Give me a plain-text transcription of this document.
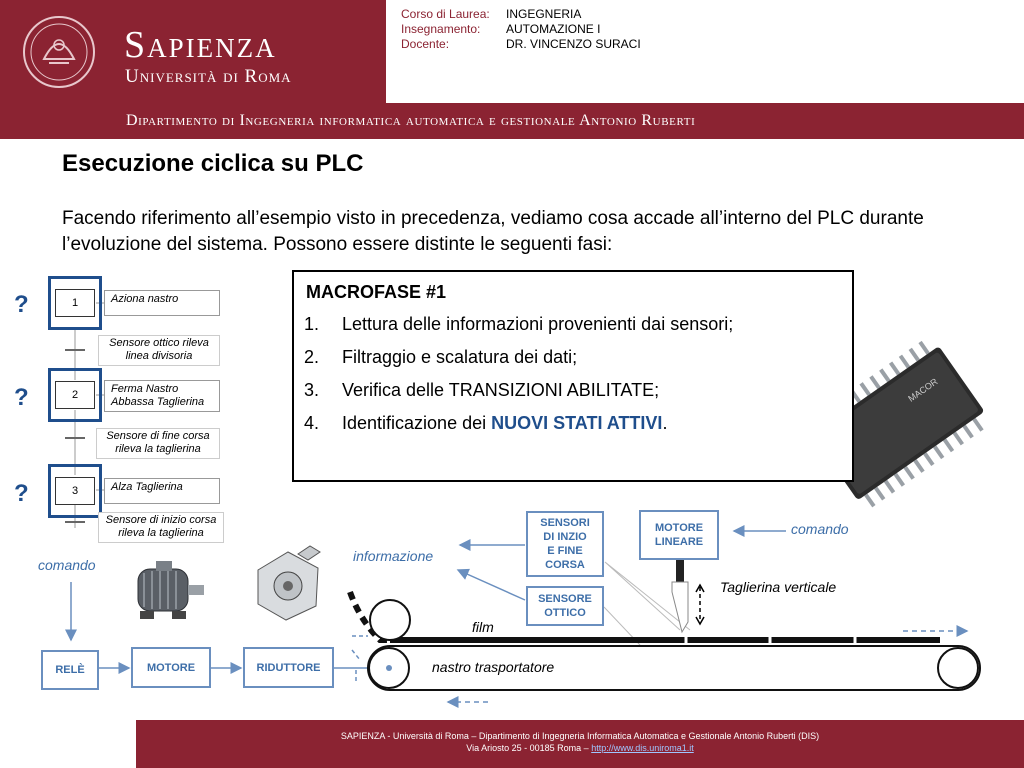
Sapienza
Università di Roma
Corso di Laurea: INGEGNERIA
Insegnamento: AUTOMAZIONE I
Docente:	DR. VINCENZO SURACI
Dipartimento di Ingegneria informatica automatica e gestionale Antonio Ruberti
Esecuzione ciclica su PLC

Facendo riferimento all’esempio visto in precedenza, vediamo cosa accade all’interno del PLC durante l’evoluzione del sistema. Possono essere distinte le seguenti fasi:

1	Aziona nastro
Sensore ottico rileva
linea divisoria
2	Ferma Nastro
Abbassa Taglierina
Sensore di fine corsa
rileva la taglierina
3	Alza Taglierina
Sensore di inizio corsa
rileva la taglierina
?
?
?
MACOR
MACROFASE #1
1. Lettura delle informazioni provenienti dai sensori;
2. Filtraggio e scalatura dei dati;
3. Verifica delle TRANSIZIONI ABILITATE;
4. Identificazione dei NUOVI STATI ATTIVI.
SENSORI
DI INZIO
E FINE
CORSA
SENSORE
OTTICO
MOTORE
LINEARE
RELÈ	MOTORE	RIDUTTORE
comando
informazione
comando
Taglierina verticale
film
nastro trasportatore
SAPIENZA - Università di Roma – Dipartimento di Ingegneria Informatica Automatica e Gestionale Antonio Ruberti (DIS)
Via Ariosto 25 - 00185 Roma – http://www.dis.uniroma1.it
